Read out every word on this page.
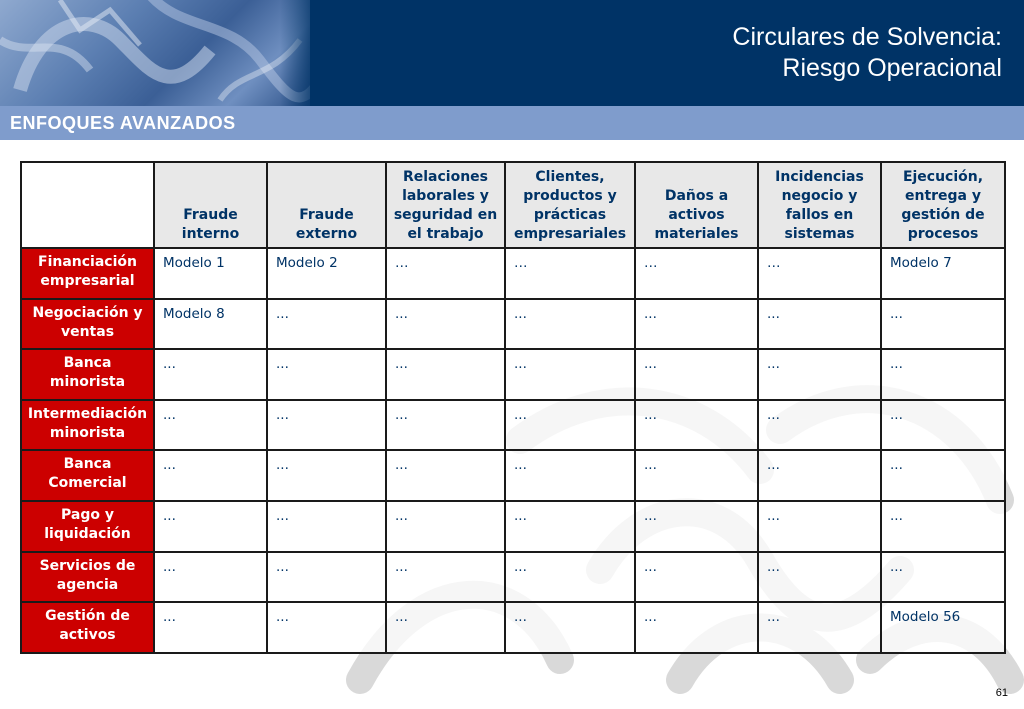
Circulares de Solvencia:
Riesgo Operacional
ENFOQUES AVANZADOS
	Fraude interno	Fraude externo	Relaciones laborales y seguridad en el trabajo	Clientes, productos y prácticas empresariales	Daños a activos materiales	Incidencias negocio y fallos en sistemas	Ejecución, entrega y gestión de procesos
Financiación empresarial	Modelo 1	Modelo 2	…	…	…	…	Modelo 7
Negociación y ventas	Modelo 8	...	...	...	...	...	...
Banca minorista	...	...	...	...	...	...	...
Intermediación minorista	...	...	...	...	...	...	...
Banca Comercial	...	...	...	...	...	...	...
Pago y liquidación	...	...	...	...	...	...	...
Servicios de agencia	...	...	...	...	...	...	...
Gestión de activos	...	...	...	...	...	...	Modelo 56
61
